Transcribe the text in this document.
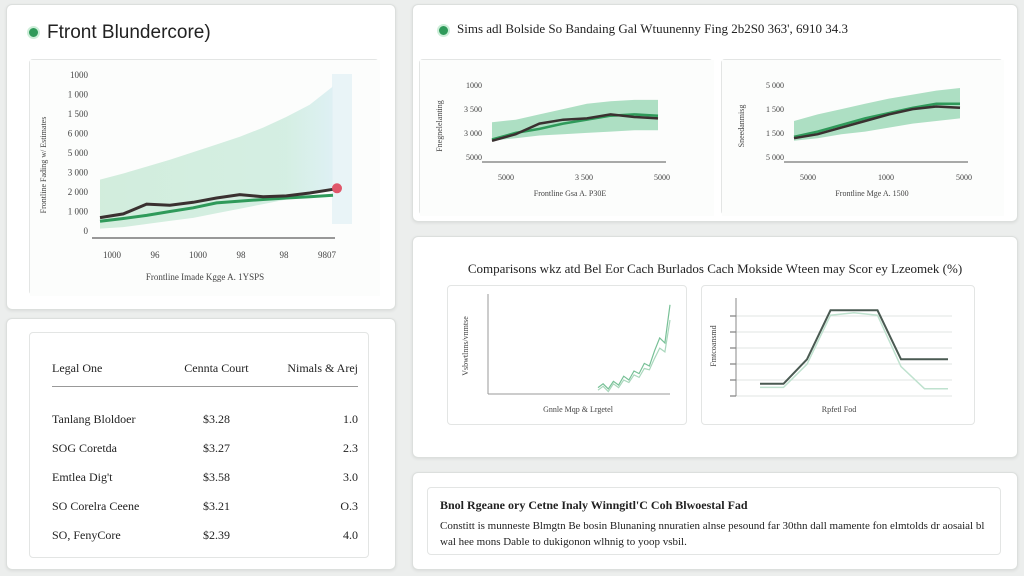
Ftront Blundercore)
1000
1 000
1 500
6 000
5 000
3 000
2 000
1 000
0
1000	96	1000	98	98	9807
Frontline Imade Kgge A. 1YSPS
Frontline Fading w/ Estimates
Legal One	Cennta Court	Nimals & Arej

Tanlang Bloldoer	$3.28	1.0
SOG Coretda	$3.27	2.3
Emtlea Dig't	$3.58	3.0
SO Corelra Ceene	$3.21	O.3
SO, FenyCore	$2.39	4.0
Sims adl Bolside So Bandaing Gal Wtuunenny Fing 2b2S0 363', 6910 34.3
1000
3 500
3 000
5000
5000	3 500	5000
Frontline Gsa A. P30E
Fnegnelelanting
5 000
1 500
1 500
5 000
5000	1000	5000
Frontline Mge A. 1500
Sneedanmisg
Comparisons wkz atd Bel Eor Cach Burlados Cach Mokside Wteen may Scor ey Lzeomek (%)
Gnnle Mqp & Lrgetel
Vsbwtlnns/vnmtse
Rpfetl Fod
Fmtcoansmd
Bnol Rgeane ory Cetne Inaly Winngitl'C Coh Blwoestal Fad
Constitt is munneste Blmgtn Be bosin Blunaning nnuratien alnse pesound far 30thn dall mamente fon elmtolds dr aosaial bl wal hee mons Dable to dukigonon wlhnig to yoop vsbil.
